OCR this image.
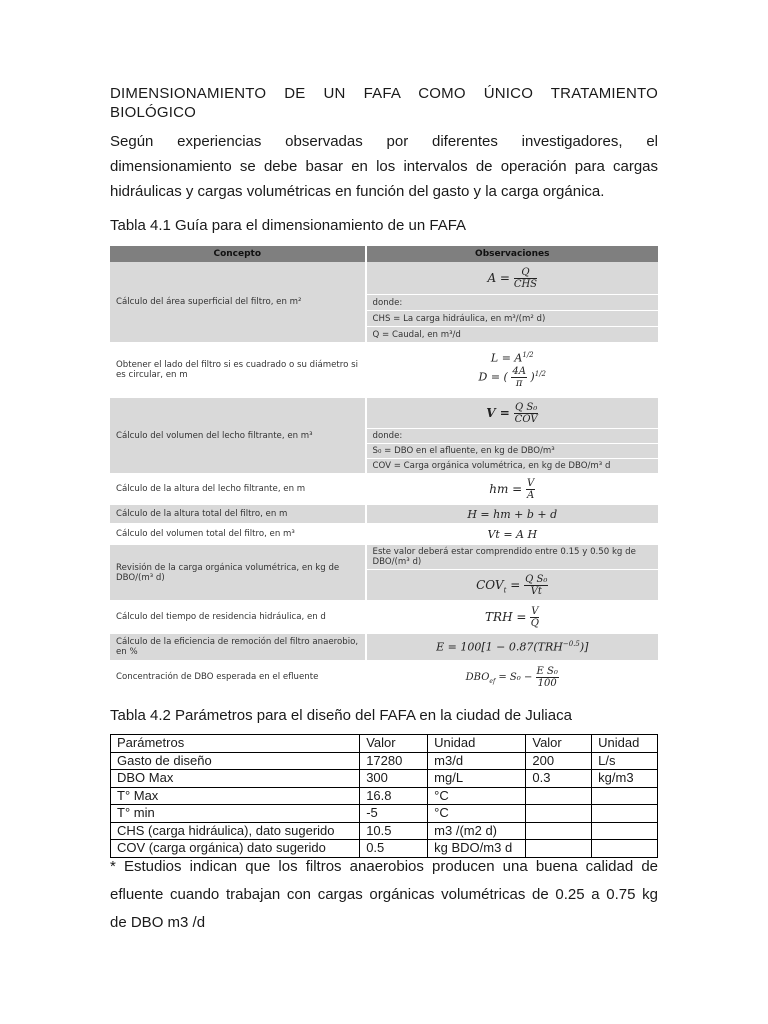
DIMENSIONAMIENTO DE UN FAFA COMO ÚNICO TRATAMIENTO
BIOLÓGICO
Según experiencias observadas por diferentes investigadores, el
dimensionamiento se debe basar en los intervalos de operación para cargas
hidráulicas y cargas volumétricas en función del gasto y la carga orgánica.
Tabla 4.1 Guía para el dimensionamiento de un FAFA
Concepto	Observaciones
Cálculo del área superficial del filtro, en m²	$A = \frac{Q}{\text{CHS}}$

	donde:
	CHS = La carga hidráulica, en m³/(m² d)
	Q = Caudal, en m³/d

Obtener el lado del filtro si es cuadrado o su diámetro si es circular, en m	$L = A^{1/2}$
D = ( $\frac{4A}{\pi} )^{1/2}$

Cálculo del volumen del lecho filtrante, en m³	$V = \frac{\text{Q S₀}}{\text{COV}}$

	donde:
	S₀ = DBO en el afluente, en kg de DBO/m³
	COV = Carga orgánica volumétrica, en kg de DBO/m³ d

Cálculo de la altura del lecho filtrante, en m	hm = $\frac{V}{A}$

Cálculo de la altura total del filtro, en m	H = hm + b + d

Cálculo del volumen total del filtro, en m³	Vt = A H

Revisión de la carga orgánica volumétrica, en kg de DBO/(m³ d)	Este valor deberá estar comprendido entre 0.15 y 0.50 kg de DBO/(m³ d)
	$COV_t = \frac{\text{Q S₀}}{Vt}$

Cálculo del tiempo de residencia hidráulica, en d	TRH = $\frac{V}{Q}$

Cálculo de la eficiencia de remoción del filtro anaerobio, en %	$E = 100[1 - 0.87(TRH^{-0.5})]$

Concentración de DBO esperada en el efluente	$DBO_{ef} = S_0 - \frac{\text{E S₀}}{100}$
Tabla 4.2 Parámetros para el diseño del FAFA en la ciudad de Juliaca
Parámetros	Valor	Unidad	Valor	Unidad
Gasto de diseño	17280	m3/d	200	L/s
DBO Max	300	mg/L	0.3	kg/m3
T° Max	16.8	°C		
T° min	-5	°C		
CHS (carga hidráulica), dato sugerido	10.5	m3 /(m2 d)		
COV (carga orgánica) dato sugerido	0.5	kg BDO/m3 d		
* Estudios indican que los filtros anaerobios producen una buena calidad de
efluente cuando trabajan con cargas orgánicas volumétricas de 0.25 a 0.75 kg
de DBO m3 /d
